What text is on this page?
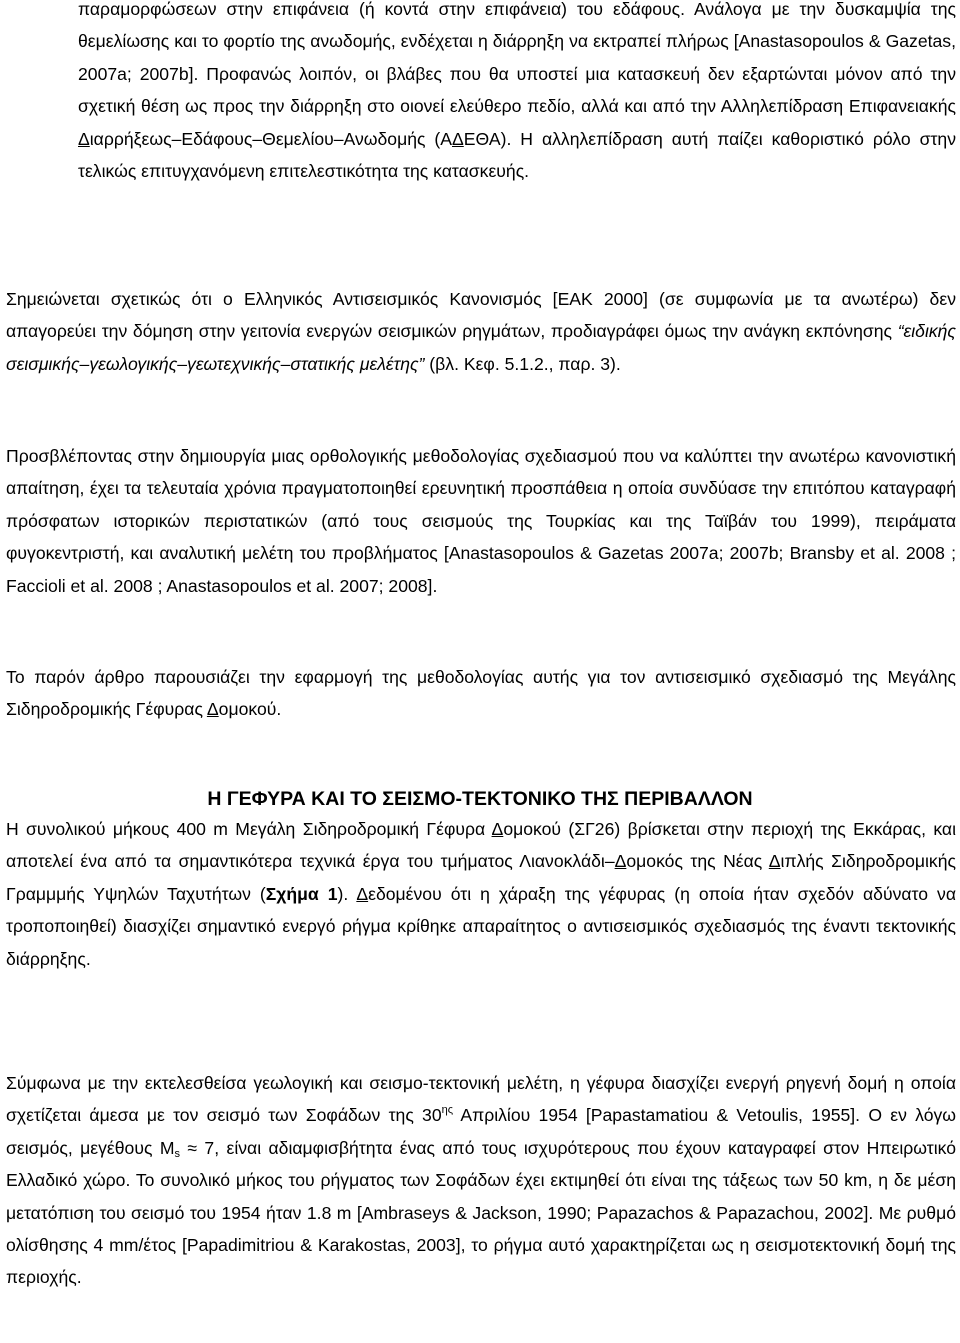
παραμορφώσεων στην επιφάνεια (ή κοντά στην επιφάνεια) του εδάφους. Ανάλογα με την δυσκαμψία της θεμελίωσης και το φορτίο της ανωδομής, ενδέχεται η διάρρηξη να εκτραπεί πλήρως [Anastasopoulos & Gazetas, 2007a; 2007b]. Προφανώς λοιπόν, οι βλάβες που θα υποστεί μια κατασκευή δεν εξαρτώνται μόνον από την σχετική θέση ως προς την διάρρηξη στο οιονεί ελεύθερο πεδίο, αλλά και από την Αλληλεπίδραση Επιφανειακής Διαρρήξεως–Εδάφους–Θεμελίου–Ανωδομής (ΑΔΕΘΑ). Η αλληλεπίδραση αυτή παίζει καθοριστικό ρόλο στην τελικώς επιτυγχανόμενη επιτελεστικότητα της κατασκευής.

Σημειώνεται σχετικώς ότι ο Ελληνικός Αντισεισμικός Κανονισμός [ΕΑΚ 2000] (σε συμφωνία με τα ανωτέρω) δεν απαγορεύει την δόμηση στην γειτονία ενεργών σεισμικών ρηγμάτων, προδιαγράφει όμως την ανάγκη εκπόνησης “ειδικής σεισμικής–γεωλογικής–γεωτεχνικής–στατικής μελέτης” (βλ. Κεφ. 5.1.2., παρ. 3).

Προσβλέποντας στην δημιουργία μιας ορθολογικής μεθοδολογίας σχεδιασμού που να καλύπτει την ανωτέρω κανονιστική απαίτηση, έχει τα τελευταία χρόνια πραγματοποιηθεί ερευνητική προσπάθεια η οποία συνδύασε την επιτόπου καταγραφή πρόσφατων ιστορικών περιστατικών (από τους σεισμούς της Τουρκίας και της Ταϊβάν του 1999), πειράματα φυγοκεντριστή, και αναλυτική μελέτη του προβλήματος [Anastasopoulos & Gazetas 2007a; 2007b; Bransby et al. 2008 ; Faccioli et al. 2008 ; Anastasopoulos et al. 2007; 2008].

Το παρόν άρθρο παρουσιάζει την εφαρμογή της μεθοδολογίας αυτής για τον αντισεισμικό σχεδιασμό της Μεγάλης Σιδηροδρομικής Γέφυρας Δομοκού.

Η ΓΕΦΥΡΑ ΚΑΙ ΤΟ ΣΕΙΣΜΟ-ΤΕΚΤΟΝΙΚΟ ΤΗΣ ΠΕΡΙΒΑΛΛΟΝ

Η συνολικού μήκους 400 m Μεγάλη Σιδηροδρομική Γέφυρα Δομοκού (ΣΓ26) βρίσκεται στην περιοχή της Εκκάρας, και αποτελεί ένα από τα σημαντικότερα τεχνικά έργα του τμήματος Λιανοκλάδι–Δομοκός της Νέας Διπλής Σιδηροδρομικής Γραμμμής Υψηλών Ταχυτήτων (Σχήμα 1). Δεδομένου ότι η χάραξη της γέφυρας (η οποία ήταν σχεδόν αδύνατο να τροποποιηθεί) διασχίζει σημαντικό ενεργό ρήγμα κρίθηκε απαραίτητος ο αντισεισμικός σχεδιασμός της έναντι τεκτονικής διάρρηξης.

Σύμφωνα με την εκτελεσθείσα γεωλογική και σεισμο-τεκτονική μελέτη, η γέφυρα διασχίζει ενεργή ρηγενή δομή η οποία σχετίζεται άμεσα με τον σεισμό των Σοφάδων της $30^{\eta\varsigma}$ Απριλίου 1954 [Papastamatiou & Vetoulis, 1955]. Ο εν λόγω σεισμός, μεγέθους $M_s \approx 7$, είναι αδιαμφισβήτητα ένας από τους ισχυρότερους που έχουν καταγραφεί στον Ηπειρωτικό Ελλαδικό χώρο. Το συνολικό μήκος του ρήγματος των Σοφάδων έχει εκτιμηθεί ότι είναι της τάξεως των 50 km, η δε μέση μετατόπιση του σεισμό του 1954 ήταν 1.8 m [Ambraseys & Jackson, 1990; Papazachos & Papazachou, 2002]. Με ρυθμό ολίσθησης 4 mm/έτος [Papadimitriou & Karakostas, 2003], το ρήγμα αυτό χαρακτηρίζεται ως η σεισμοτεκτονική δομή της περιοχής.
